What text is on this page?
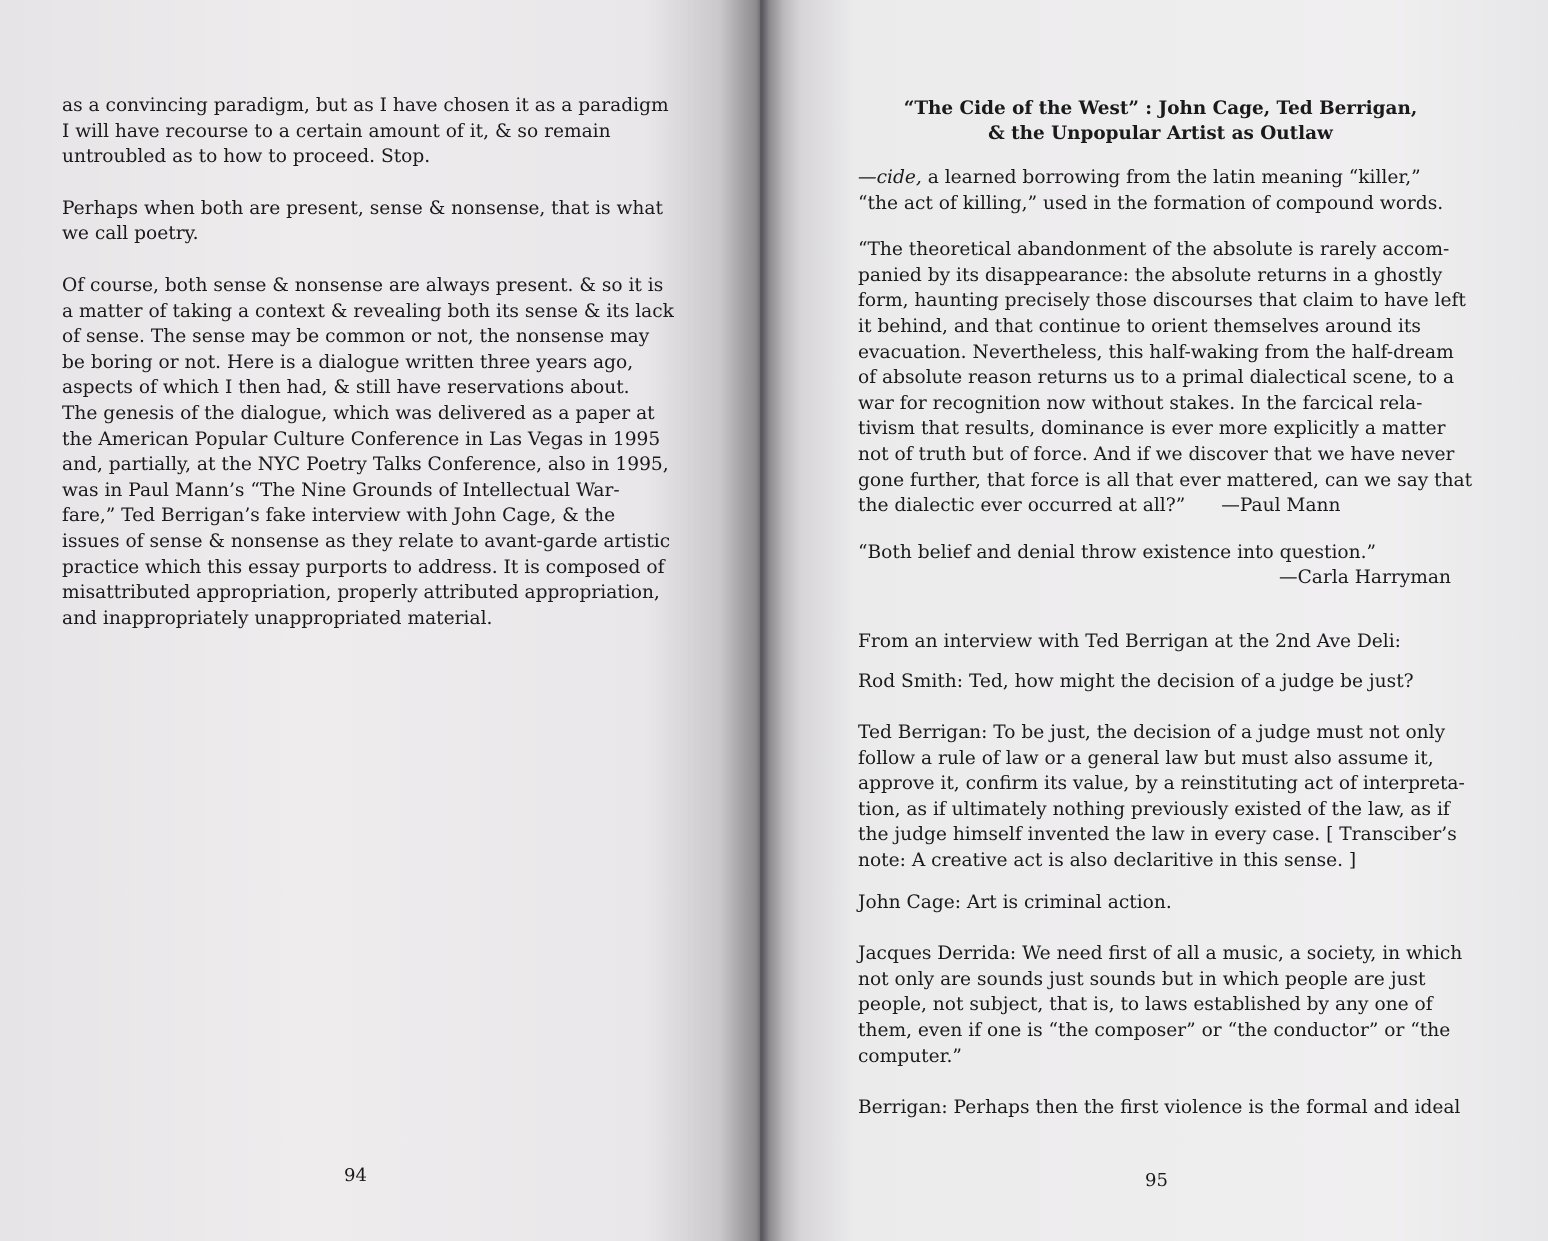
as a convincing paradigm, but as I have chosen it as a paradigm
I will have recourse to a certain amount of it, & so remain
untroubled as to how to proceed. Stop.

Perhaps when both are present, sense & nonsense, that is what
we call poetry.

Of course, both sense & nonsense are always present. & so it is
a matter of taking a context & revealing both its sense & its lack
of sense. The sense may be common or not, the nonsense may
be boring or not. Here is a dialogue written three years ago,
aspects of which I then had, & still have reservations about.
The genesis of the dialogue, which was delivered as a paper at
the American Popular Culture Conference in Las Vegas in 1995
and, partially, at the NYC Poetry Talks Conference, also in 1995,
was in Paul Mann’s “The Nine Grounds of Intellectual War-
fare,” Ted Berrigan’s fake interview with John Cage, & the
issues of sense & nonsense as they relate to avant-garde artistic
practice which this essay purports to address. It is composed of
misattributed appropriation, properly attributed appropriation,
and inappropriately unappropriated material.

94
“The Cide of the West” : John Cage, Ted Berrigan,
& the Unpopular Artist as Outlaw

—cide, a learned borrowing from the latin meaning “killer,”
“the act of killing,” used in the formation of compound words.

“The theoretical abandonment of the absolute is rarely accom-
panied by its disappearance: the absolute returns in a ghostly
form, haunting precisely those discourses that claim to have left
it behind, and that continue to orient themselves around its
evacuation. Nevertheless, this half-waking from the half-dream
of absolute reason returns us to a primal dialectical scene, to a
war for recognition now without stakes. In the farcical rela-
tivism that results, dominance is ever more explicitly a matter
not of truth but of force. And if we discover that we have never
gone further, that force is all that ever mattered, can we say that
the dialectic ever occurred at all?” —Paul Mann

“Both belief and denial throw existence into question.”
—Carla Harryman

From an interview with Ted Berrigan at the 2nd Ave Deli:

Rod Smith: Ted, how might the decision of a judge be just?

Ted Berrigan: To be just, the decision of a judge must not only
follow a rule of law or a general law but must also assume it,
approve it, confirm its value, by a reinstituting act of interpreta-
tion, as if ultimately nothing previously existed of the law, as if
the judge himself invented the law in every case. [ Transciber’s
note: A creative act is also declaritive in this sense. ]

John Cage: Art is criminal action.

Jacques Derrida: We need first of all a music, a society, in which
not only are sounds just sounds but in which people are just
people, not subject, that is, to laws established by any one of
them, even if one is “the composer” or “the conductor” or “the
computer.”

Berrigan: Perhaps then the first violence is the formal and ideal

95
